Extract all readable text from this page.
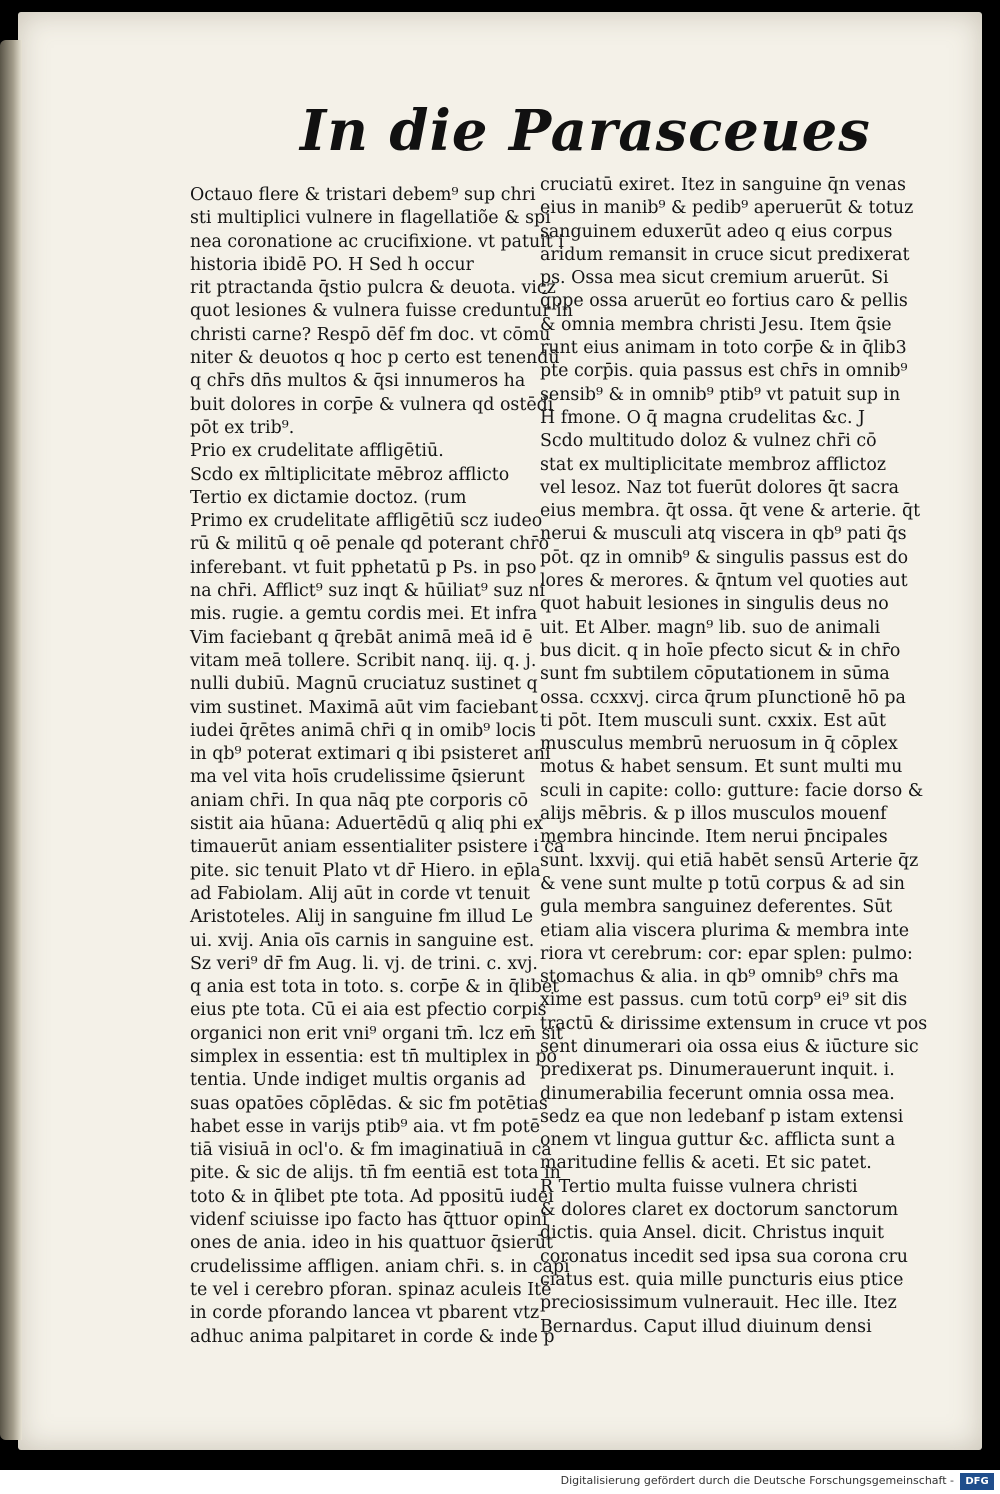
In die Parasceues
Octauo flere & tristari debem⁹ sup chri
sti multiplici vulnere in flagellatiõe & spi
nea coronatione ac crucifixione. vt patuit i
historia ibidē PO. H Sed h occur
rit ptractanda q̄stio pulcra & deuota. vicz
quot lesiones & vulnera fuisse creduntur in
christi carne? Respō dēf fm doc. vt cōmu
niter & deuotos q hoc p certo est tenendū
q chr̄s dn̄s multos & q̄si innumeros ha
buit dolores in corp̄e & vulnera qd ostēdi
pōt ex trib⁹.
Prio ex crudelitate affligētiū.
Scdo ex m̄ltiplicitate mēbroz afflicto
Tertio ex dictamie doctoz. (rum
Primo ex crudelitate affligētiū scz iudeo
rū & militū q oē penale qd poterant chr̄o
inferebant. vt fuit pphetatū p Ps. in pso
na chr̄i. Afflict⁹ suz inqt & hūiliat⁹ suz ni
mis. rugie. a gemtu cordis mei. Et infra
Vim faciebant q q̄rebāt animā meā id ē
vitam meā tollere. Scribit nanq. iij. q. j.
nulli dubiū. Magnū cruciatuz sustinet q
vim sustinet. Maximā aūt vim faciebant
iudei q̄rētes animā chr̄i q in omib⁹ locis
in qb⁹ poterat extimari q ibi psisteret ani
ma vel vita hoīs crudelissime q̄sierunt
aniam chr̄i. In qua nāq pte corporis cō
sistit aia hūana: Aduertēdū q aliq phi ex
timauerūt aniam essentialiter psistere i ca
pite. sic tenuit Plato vt dr̄ Hiero. in ep̄la
ad Fabiolam. Alij aūt in corde vt tenuit
Aristoteles. Alij in sanguine fm illud Le
ui. xvij. Ania oīs carnis in sanguine est.
Sz veri⁹ dr̄ fm Aug. li. vj. de trini. c. xvj.
q ania est tota in toto. s. corp̄e & in q̄libet
eius pte tota. Cū ei aia est pfectio corpis
organici non erit vni⁹ organi tm̄. lcz em̄ sit
simplex in essentia: est tn̄ multiplex in po
tentia. Unde indiget multis organis ad
suas opatōes cōplēdas. & sic fm potētias
habet esse in varijs ptib⁹ aia. vt fm potē
tiā visiuā in ocl'o. & fm imaginatiuā in ca
pite. & sic de alijs. tn̄ fm eentiā est tota in
toto & in q̄libet pte tota. Ad ppositū iudei
videnf sciuisse ipo facto has q̄ttuor opini
ones de ania. ideo in his quattuor q̄sierūt
crudelissime affligen. aniam chr̄i. s. in capi
te vel i cerebro pforan. spinaz aculeis Itē
in corde pforando lancea vt pbarent vtz
adhuc anima palpitaret in corde & inde p
cruciatū exiret. Itez in sanguine q̄n venas
eius in manib⁹ & pedib⁹ aperuerūt & totuz
sanguinem eduxerūt adeo q eius corpus
aridum remansit in cruce sicut predixerat
ps. Ossa mea sicut cremium aruerūt. Si
q̄ppe ossa aruerūt eo fortius caro & pellis
& omnia membra christi Jesu. Item q̄sie
runt eius animam in toto corp̄e & in q̄lib3
pte corp̄is. quia passus est chr̄s in omnib⁹
sensib⁹ & in omnib⁹ ptib⁹ vt patuit sup in
H fmone. O q̄ magna crudelitas &c. J
Scdo multitudo doloz & vulnez chr̄i cō
stat ex multiplicitate membroz afflictoz
vel lesoz. Naz tot fuerūt dolores q̄t sacra
eius membra. q̄t ossa. q̄t vene & arterie. q̄t
nerui & musculi atq viscera in qb⁹ pati q̄s
pōt. qz in omnib⁹ & singulis passus est do
lores & merores. & q̄ntum vel quoties aut
quot habuit lesiones in singulis deus no
uit. Et Alber. magn⁹ lib. suo de animali
bus dicit. q in hoīe pfecto sicut & in chr̄o
sunt fm subtilem cōputationem in sūma
ossa. ccxxvj. circa q̄rum pIunctionē hō pa
ti pōt. Item musculi sunt. cxxix. Est aūt
musculus membrū neruosum in q̄ cōplex
motus & habet sensum. Et sunt multi mu
sculi in capite: collo: gutture: facie dorso &
alijs mēbris. & p illos musculos mouenf
membra hincinde. Item nerui p̄ncipales
sunt. lxxvij. qui etiā habēt sensū Arterie q̄z
& vene sunt multe p totū corpus & ad sin
gula membra sanguinez deferentes. Sūt
etiam alia viscera plurima & membra inte
riora vt cerebrum: cor: epar splen: pulmo:
stomachus & alia. in qb⁹ omnib⁹ chr̄s ma
xime est passus. cum totū corp⁹ ei⁹ sit dis
tractū & dirissime extensum in cruce vt pos
sent dinumerari oia ossa eius & iūcture sic
predixerat ps. Dinumerauerunt inquit. i.
dinumerabilia fecerunt omnia ossa mea.
sedz ea que non ledebanf p istam extensi
onem vt lingua guttur &c. afflicta sunt a
maritudine fellis & aceti. Et sic patet.
R Tertio multa fuisse vulnera christi
& dolores claret ex doctorum sanctorum
dictis. quia Ansel. dicit. Christus inquit
coronatus incedit sed ipsa sua corona cru
ciatus est. quia mille puncturis eius ptice
preciosissimum vulnerauit. Hec ille. Itez
Bernardus. Caput illud diuinum densi
Digitalisierung gefördert durch die Deutsche Forschungsgemeinschaft -	DFG
